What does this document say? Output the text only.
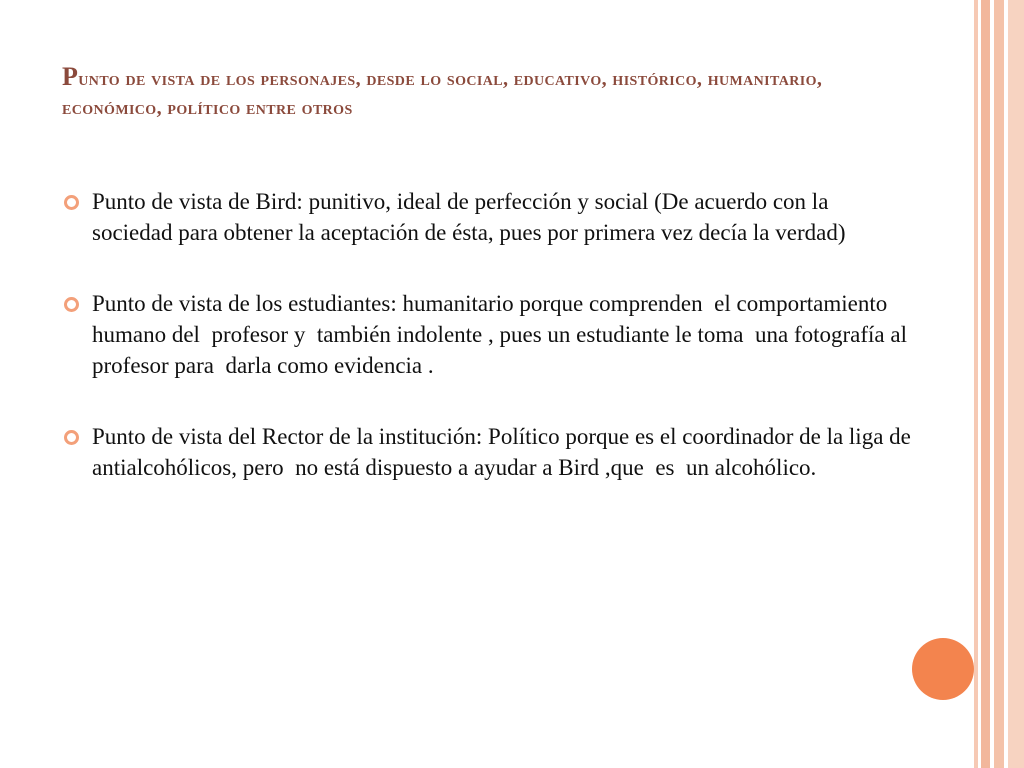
Punto de vista de los personajes, desde lo social, educativo, histórico, humanitario, económico, político entre otros
Punto de vista de Bird: punitivo, ideal de perfección y social (De acuerdo con la sociedad para obtener la aceptación de ésta, pues por primera vez decía la verdad)
Punto de vista de los estudiantes: humanitario porque comprenden  el comportamiento  humano del  profesor y  también indolente , pues un estudiante le toma  una fotografía al profesor para  darla como evidencia .
Punto de vista del Rector de la institución: Político porque es el coordinador de la liga de antialcohólicos, pero  no está dispuesto a ayudar a Bird ,que  es  un alcohólico.
